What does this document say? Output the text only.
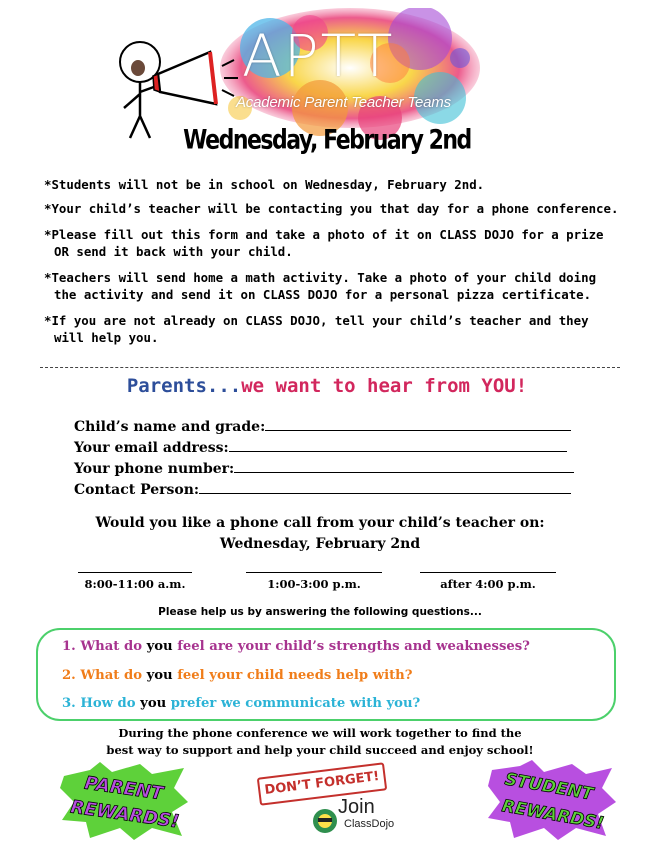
APTT
Academic Parent Teacher Teams
Wednesday, February 2nd
*Students will not be in school on Wednesday, February 2nd.
*Your child’s teacher will be contacting you that day for a phone conference.
*Please fill out this form and take a photo of it on CLASS DOJO for a prize OR send it back with your child.
*Teachers will send home a math activity. Take a photo of your child doing the activity and send it on CLASS DOJO for a personal pizza certificate.
*If you are not already on CLASS DOJO, tell your child’s teacher and they will help you.
Parents...we want to hear from YOU!
Child’s name and grade:
Your email address:
Your phone number:
Contact Person:
Would you like a phone call from your child’s teacher on:
Wednesday, February 2nd
8:00-11:00 a.m.	1:00-3:00 p.m.	after 4:00 p.m.
Please help us by answering the following questions...
1. What do you feel are your child’s strengths and weaknesses?
2. What do you feel your child needs help with?
3. How do you prefer we communicate with you?
During the phone conference we will work together to find the
best way to support and help your child succeed and enjoy school!
PARENT
REWARDS!
DON’T FORGET!
Join
ClassDojo
STUDENT
REWARDS!
